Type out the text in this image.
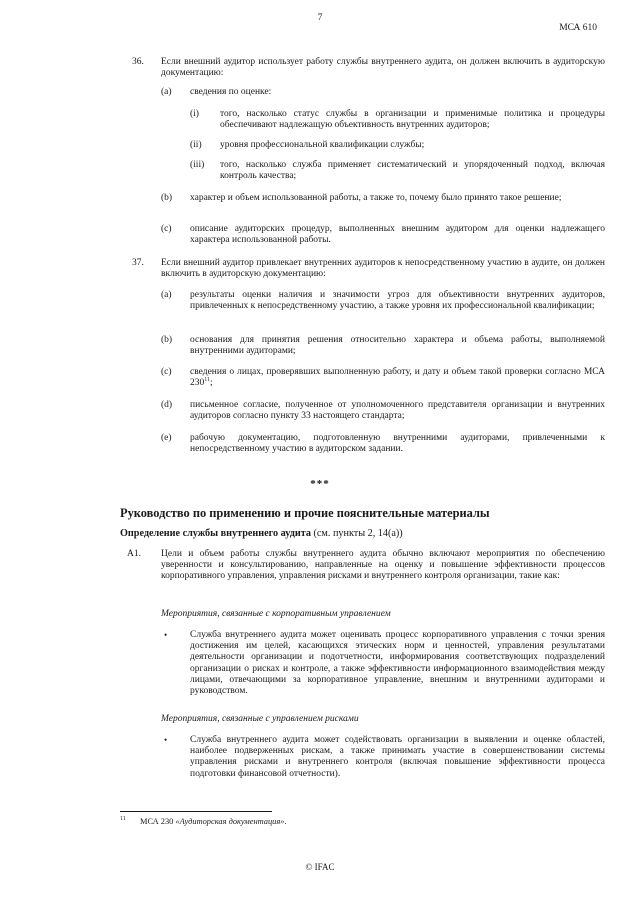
7
МСА 610
36. Если внешний аудитор использует работу службы внутреннего аудита, он должен включить в аудиторскую документацию:

(a) сведения по оценке:

(i) того, насколько статус службы в организации и применимые политика и процедуры обеспечивают надлежащую объективность внутренних аудиторов;

(ii) уровня профессиональной квалификации службы;

(iii) того, насколько служба применяет систематический и упорядоченный подход, включая контроль качества;

(b) характер и объем использованной работы, а также то, почему было принято такое решение;

(c) описание аудиторских процедур, выполненных внешним аудитором для оценки надлежащего характера использованной работы.

37. Если внешний аудитор привлекает внутренних аудиторов к непосредственному участию в аудите, он должен включить в аудиторскую документацию:

(a) результаты оценки наличия и значимости угроз для объективности внутренних аудиторов, привлеченных к непосредственному участию, а также уровня их профессиональной квалификации;

(b) основания для принятия решения относительно характера и объема работы, выполняемой внутренними аудиторами;

(c) сведения о лицах, проверявших выполненную работу, и дату и объем такой проверки согласно МСА $230^{11}$;

(d) письменное согласие, полученное от уполномоченного представителя организации и внутренних аудиторов согласно пункту 33 настоящего стандарта;

(e) рабочую документацию, подготовленную внутренними аудиторами, привлеченными к непосредственному участию в аудиторском задании.

***
Руководство по применению и прочие пояснительные материалы
Определение службы внутреннего аудита (см. пункты 2, 14(a))
A1. Цели и объем работы службы внутреннего аудита обычно включают мероприятия по обеспечению уверенности и консультированию, направленные на оценку и повышение эффективности процессов корпоративного управления, управления рисками и внутреннего контроля организации, такие как:

Мероприятия, связанные с корпоративным управлением
• Служба внутреннего аудита может оценивать процесс корпоративного управления с точки зрения достижения им целей, касающихся этических норм и ценностей, управления результатами деятельности организации и подотчетности, информирования соответствующих подразделений организации о рисках и контроле, а также эффективности информационного взаимодействия между лицами, отвечающими за корпоративное управление, внешним и внутренними аудиторами и руководством.

Мероприятия, связанные с управлением рисками
• Служба внутреннего аудита может содействовать организации в выявлении и оценке областей, наиболее подверженных рискам, а также принимать участие в совершенствовании системы управления рисками и внутреннего контроля (включая повышение эффективности процесса подготовки финансовой отчетности).

11 МСА 230 «Аудиторская документация».
© IFAC
